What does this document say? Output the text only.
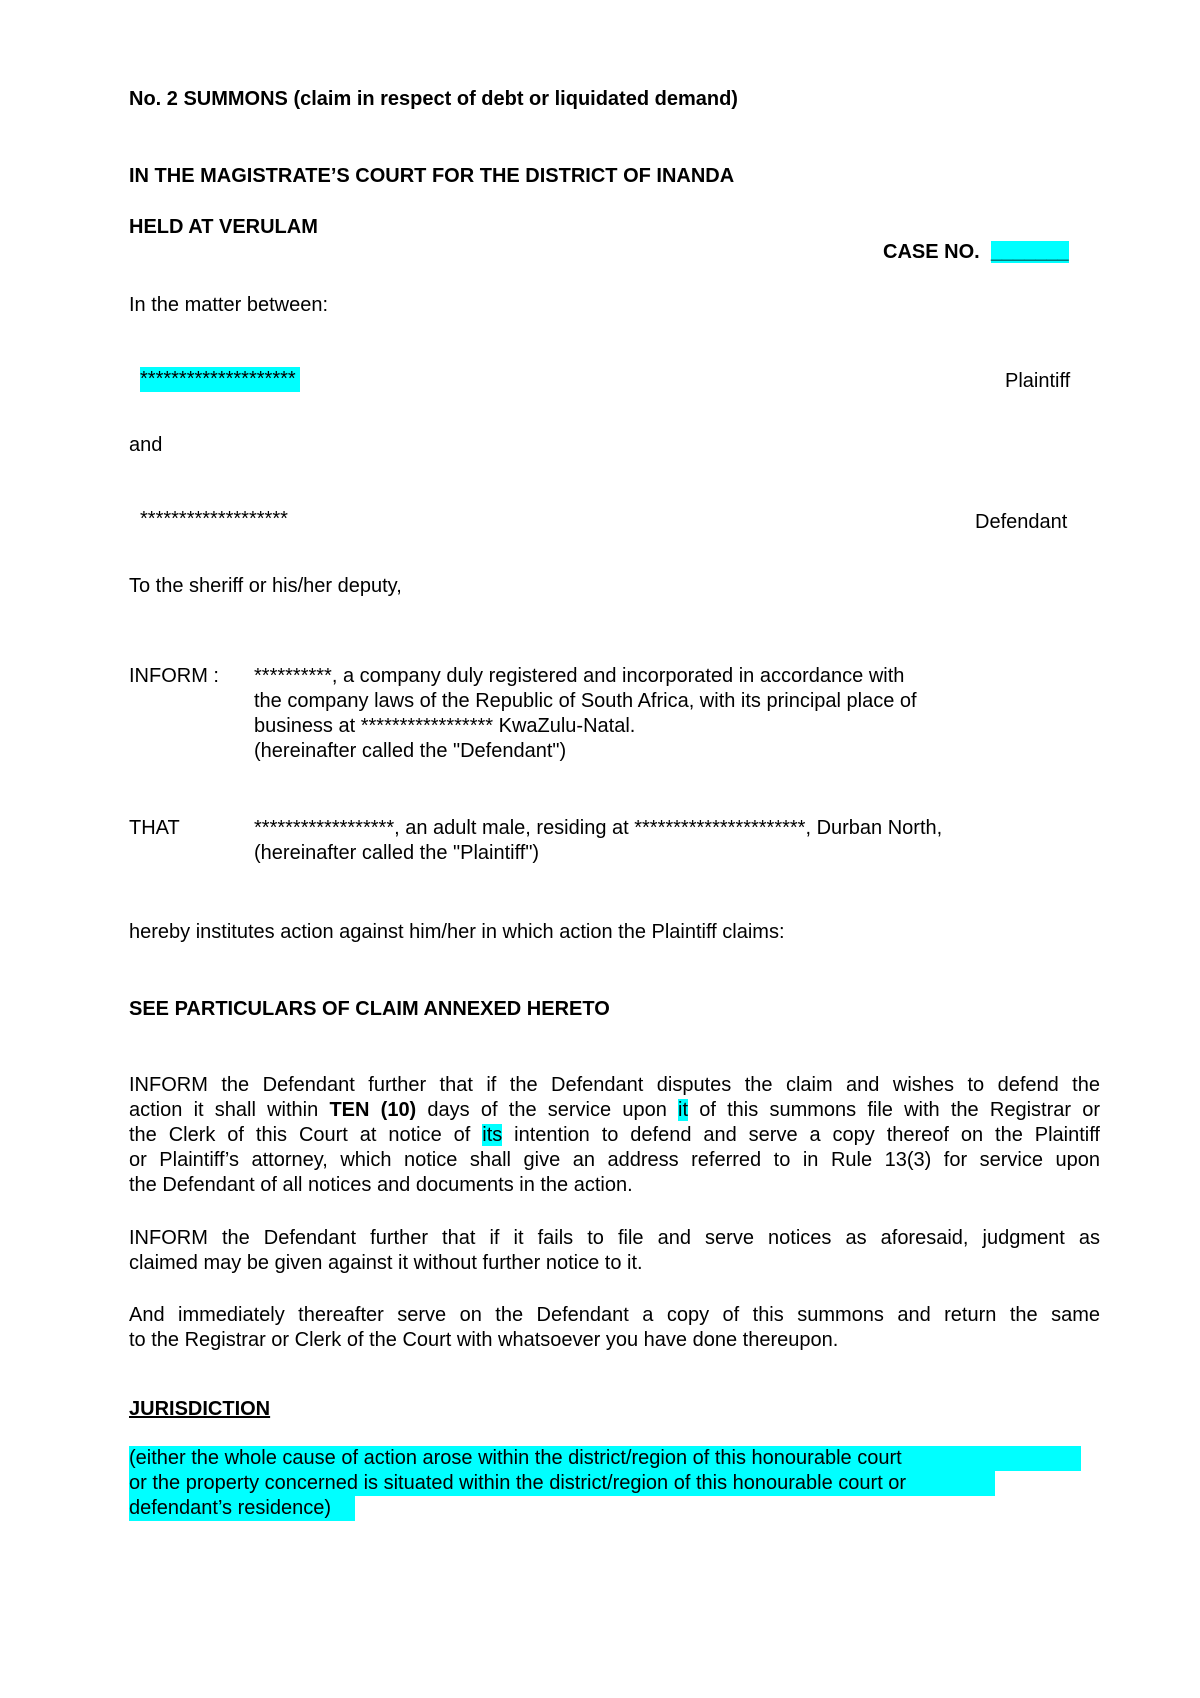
No. 2 SUMMONS (claim in respect of debt or liquidated demand)
IN THE MAGISTRATE’S COURT FOR THE DISTRICT OF INANDA
HELD AT VERULAM
CASE NO. _______
In the matter between:
********************	Plaintiff
and
*******************	Defendant
To the sheriff or his/her deputy,
INFORM : **********, a company duly registered and incorporated in accordance with
the company laws of the Republic of South Africa, with its principal place of
business at ***************** KwaZulu-Natal.
(hereinafter called the "Defendant")
THAT	******************, an adult male, residing at **********************, Durban North,
(hereinafter called the "Plaintiff")
hereby institutes action against him/her in which action the Plaintiff claims:
SEE PARTICULARS OF CLAIM ANNEXED HERETO
INFORM the Defendant further that if the Defendant disputes the claim and wishes to defend the
action it shall within TEN (10) days of the service upon it of this summons file with the Registrar or
the Clerk of this Court at notice of its intention to defend and serve a copy thereof on the Plaintiff
or Plaintiff’s attorney, which notice shall give an address referred to in Rule 13(3) for service upon
the Defendant of all notices and documents in the action.
INFORM the Defendant further that if it fails to file and serve notices as aforesaid, judgment as
claimed may be given against it without further notice to it.
And immediately thereafter serve on the Defendant a copy of this summons and return the same
to the Registrar or Clerk of the Court with whatsoever you have done thereupon.
JURISDICTION
(either the whole cause of action arose within the district/region of this honourable court
or the property concerned is situated within the district/region of this honourable court or
defendant’s residence)
